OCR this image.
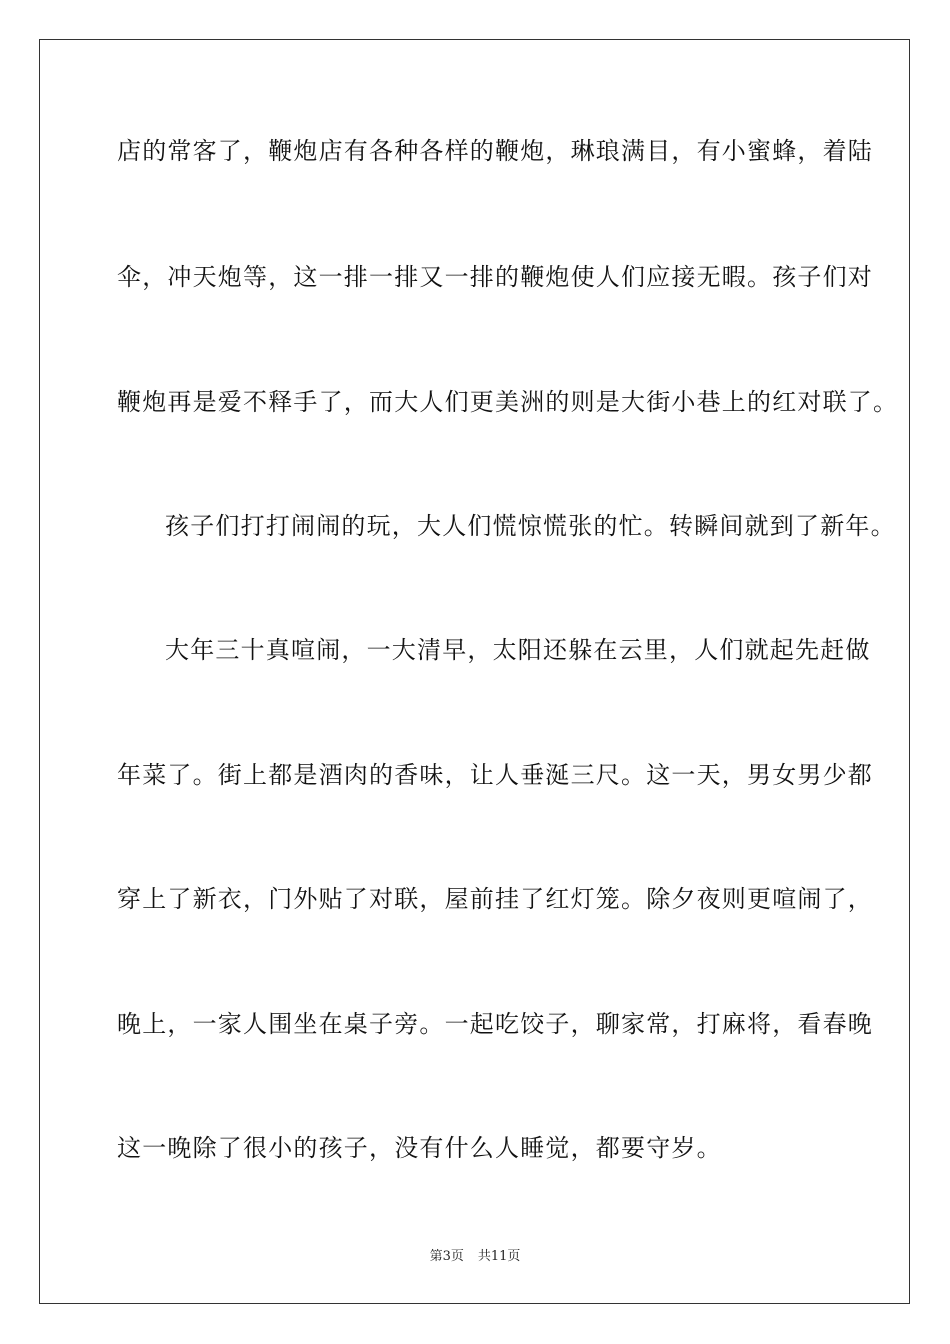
店的常客了，鞭炮店有各种各样的鞭炮，琳琅满目，有小蜜蜂，着陆
伞，冲天炮等，这一排一排又一排的鞭炮使人们应接无暇。孩子们对
鞭炮再是爱不释手了，而大人们更美洲的则是大街小巷上的红对联了。
孩子们打打闹闹的玩，大人们慌惊慌张的忙。转瞬间就到了新年。
大年三十真喧闹，一大清早，太阳还躲在云里，人们就起先赶做
年菜了。街上都是酒肉的香味，让人垂涎三尺。这一天，男女男少都
穿上了新衣，门外贴了对联，屋前挂了红灯笼。除夕夜则更喧闹了，
晚上，一家人围坐在桌子旁。一起吃饺子，聊家常，打麻将，看春晚
这一晚除了很小的孩子，没有什么人睡觉，都要守岁。
第3页 共11页
